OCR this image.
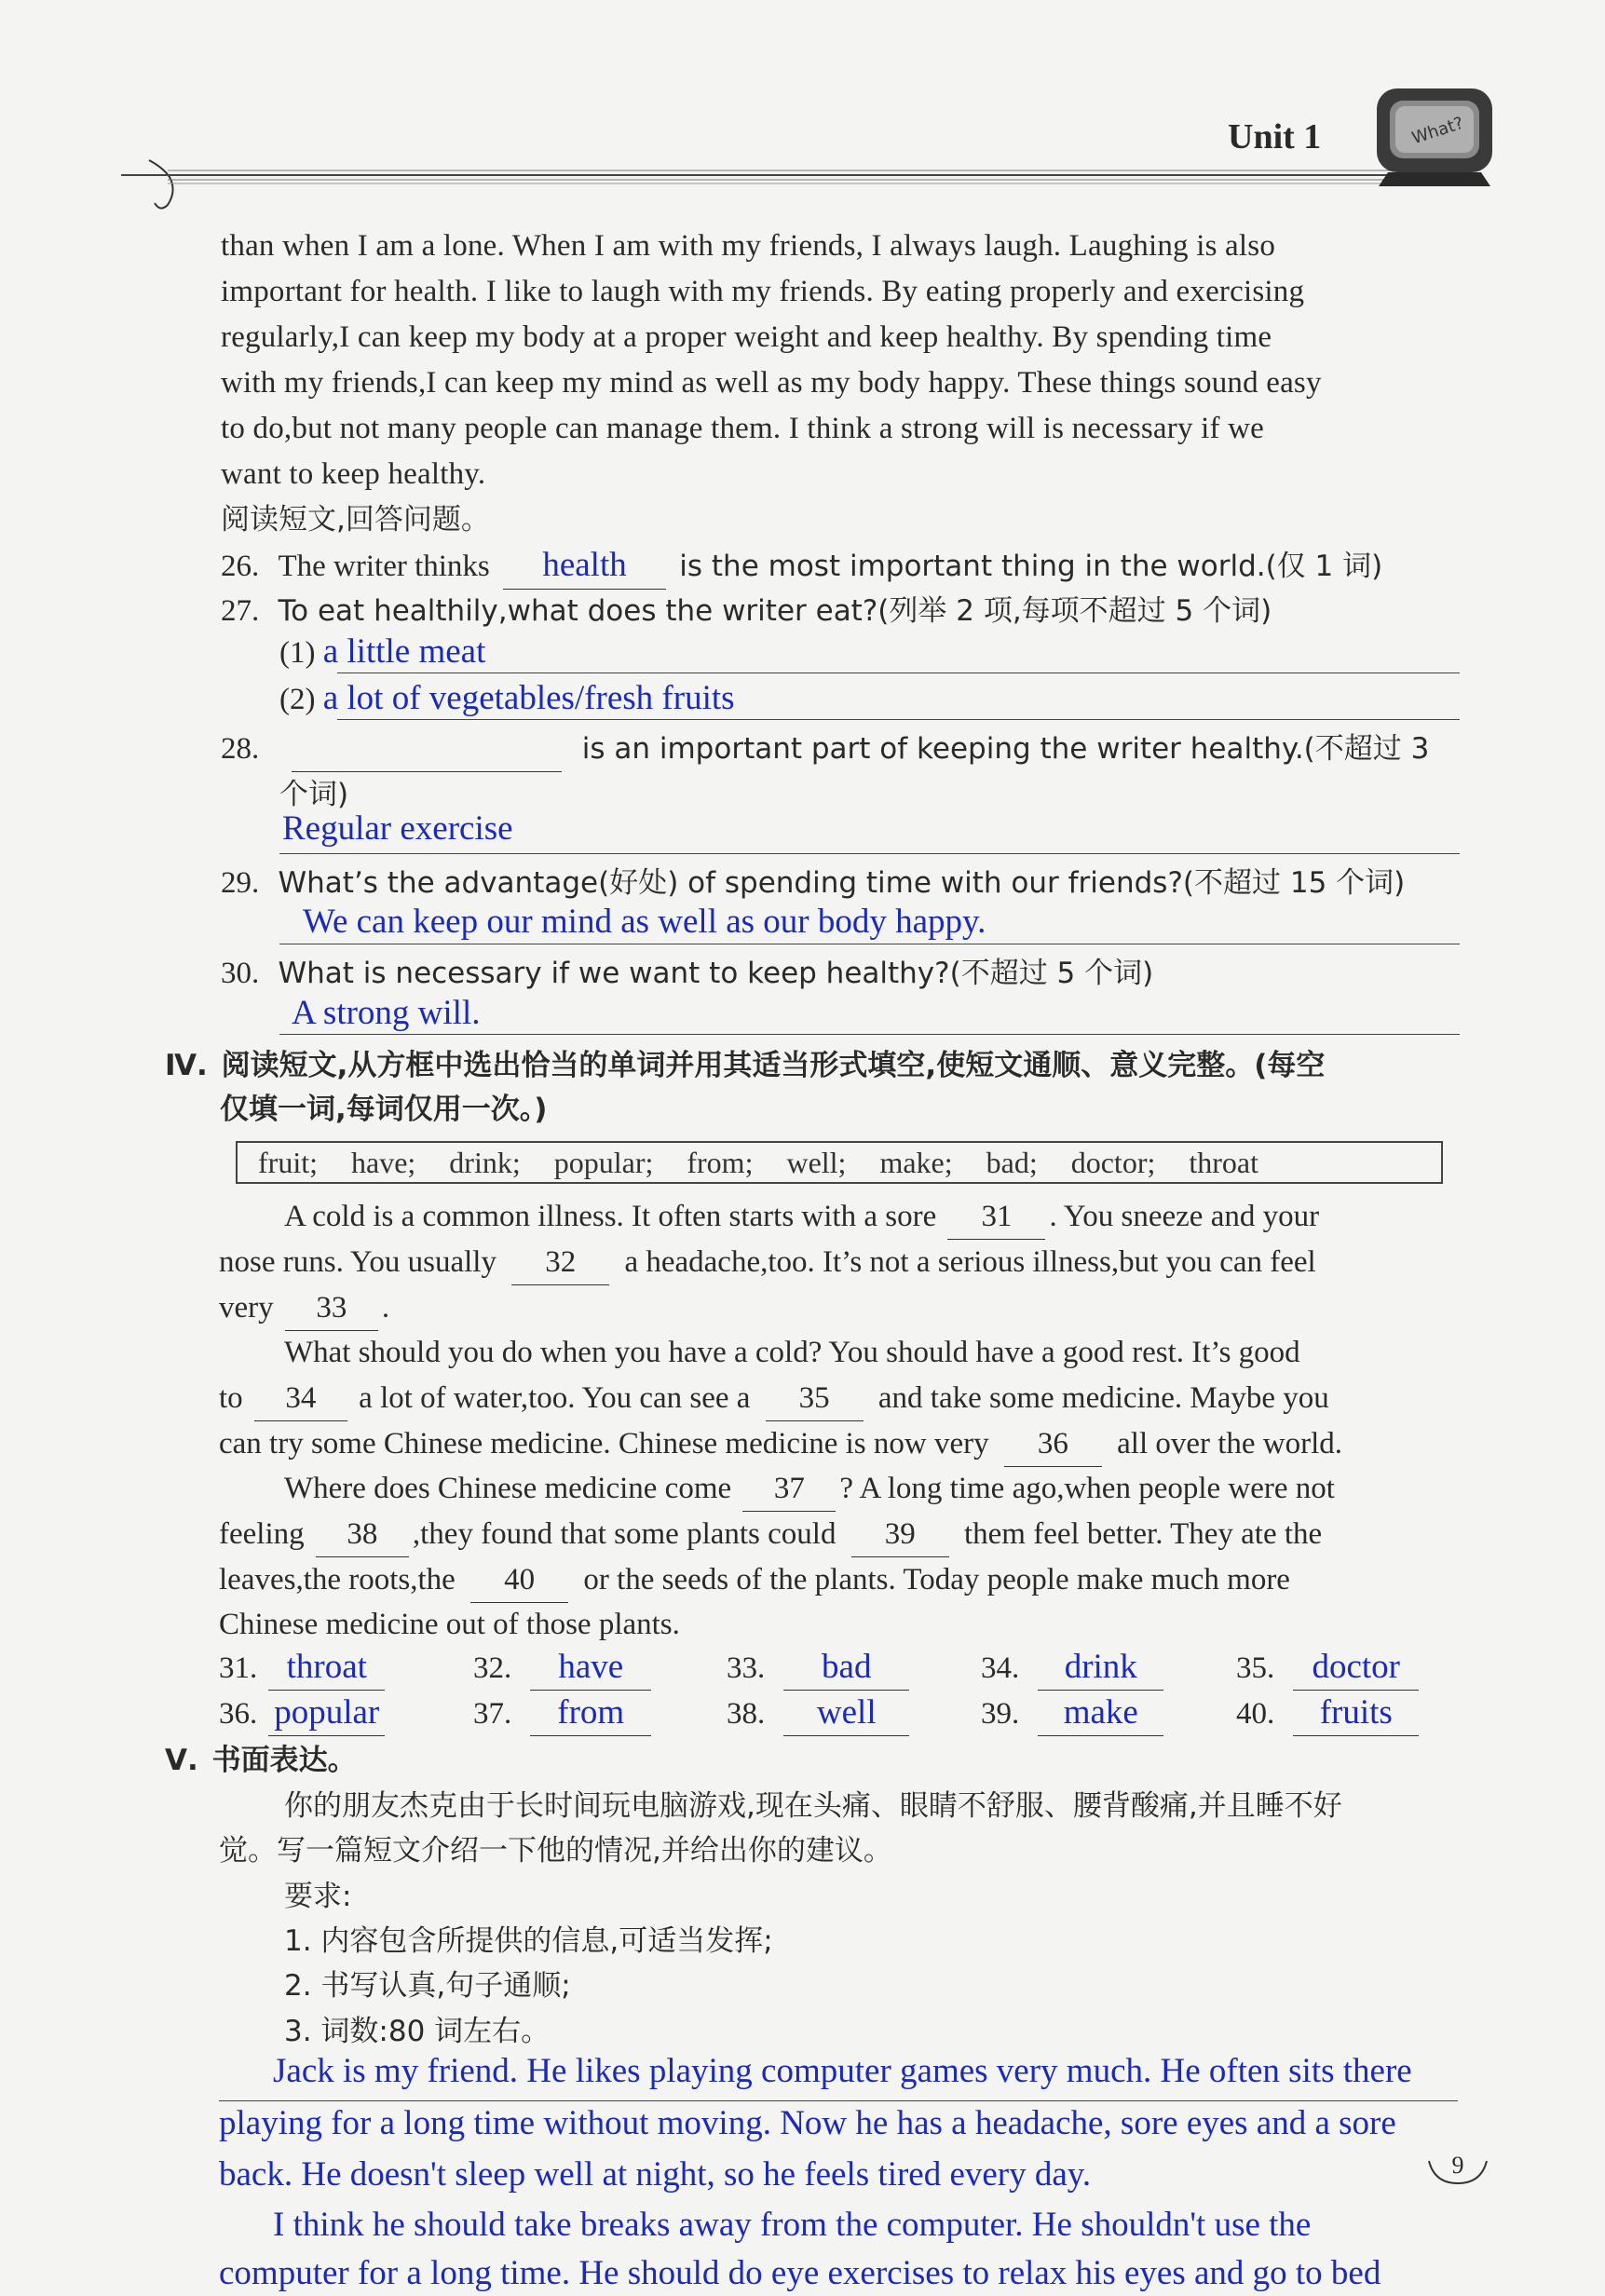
Unit 1	What?
than when I am a lone. When I am with my friends, I always laugh. Laughing is also
important for health. I like to laugh with my friends. By eating properly and exercising
regularly,I can keep my body at a proper weight and keep healthy. By spending time
with my friends,I can keep my mind as well as my body happy. These things sound easy
to do,but not many people can manage them. I think a strong will is necessary if we
want to keep healthy.
阅读短文,回答问题。
26. The writer thinks health is the most important thing in the world.(仅 1 词)
27. To eat healthily,what does the writer eat?(列举 2 项,每项不超过 5 个词)
(1) a little meat
(2) a lot of vegetables/fresh fruits
28.	is an important part of keeping the writer healthy.(不超过 3
个词)
Regular exercise
29. What’s the advantage(好处) of spending time with our friends?(不超过 15 个词)
We can keep our mind as well as our body happy.
30. What is necessary if we want to keep healthy?(不超过 5 个词)
A strong will.
Ⅳ. 阅读短文,从方框中选出恰当的单词并用其适当形式填空,使短文通顺、意义完整。(每空
仅填一词,每词仅用一次。)
fruit; have; drink; popular; from; well; make; bad; doctor; throat
A cold is a common illness. It often starts with a sore 31 . You sneeze and your
nose runs. You usually 32 a headache,too. It’s not a serious illness,but you can feel
very 33 .
What should you do when you have a cold? You should have a good rest. It’s good
to 34 a lot of water,too. You can see a 35 and take some medicine. Maybe you
can try some Chinese medicine. Chinese medicine is now very 36 all over the world.
Where does Chinese medicine come 37 ? A long time ago,when people were not
feeling 38 ,they found that some plants could 39 them feel better. They ate the
leaves,the roots,the 40 or the seeds of the plants. Today people make much more
Chinese medicine out of those plants.
31. throat	32. have	33. bad	34. drink	35. doctor
36. popular	37. from	38. well	39. make	40. fruits
Ⅴ. 书面表达。
你的朋友杰克由于长时间玩电脑游戏,现在头痛、眼睛不舒服、腰背酸痛,并且睡不好
觉。写一篇短文介绍一下他的情况,并给出你的建议。
要求:
1. 内容包含所提供的信息,可适当发挥;
2. 书写认真,句子通顺;
3. 词数:80 词左右。
Jack is my friend. He likes playing computer games very much. He often sits there
playing for a long time without moving. Now he has a headache, sore eyes and a sore
back. He doesn't sleep well at night, so he feels tired every day.
I think he should take breaks away from the computer. He shouldn't use the
computer for a long time. He should do eye exercises to relax his eyes and go to bed
9
